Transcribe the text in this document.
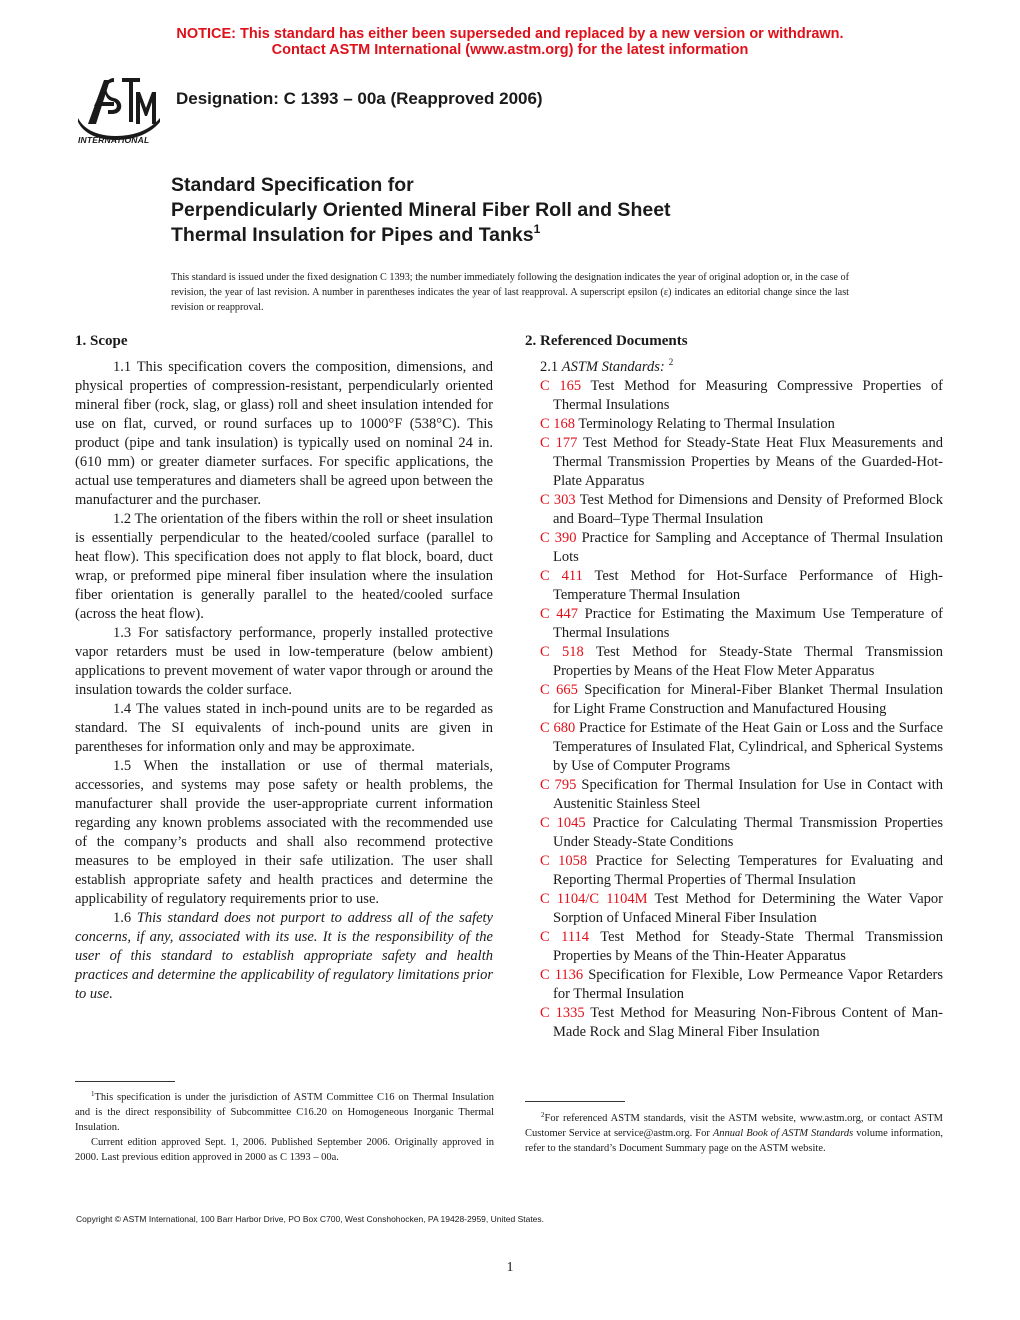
NOTICE: This standard has either been superseded and replaced by a new version or withdrawn.
Contact ASTM International (www.astm.org) for the latest information
INTERNATIONAL
Designation: C 1393 – 00a (Reapproved 2006)
Standard Specification for
Perpendicularly Oriented Mineral Fiber Roll and Sheet
Thermal Insulation for Pipes and Tanks$^1$
This standard is issued under the fixed designation C 1393; the number immediately following the designation indicates the year of original adoption or, in the case of revision, the year of last revision. A number in parentheses indicates the year of last reapproval. A superscript epsilon (ε) indicates an editorial change since the last revision or reapproval.
1. Scope

1.1 This specification covers the composition, dimensions, and physical properties of compression-resistant, perpendicularly oriented mineral fiber (rock, slag, or glass) roll and sheet insulation intended for use on flat, curved, or round surfaces up to 1000°F (538°C). This product (pipe and tank insulation) is typically used on nominal 24 in. (610 mm) or greater diameter surfaces. For specific applications, the actual use temperatures and diameters shall be agreed upon between the manufacturer and the purchaser.

1.2 The orientation of the fibers within the roll or sheet insulation is essentially perpendicular to the heated/cooled surface (parallel to heat flow). This specification does not apply to flat block, board, duct wrap, or preformed pipe mineral fiber insulation where the insulation fiber orientation is generally parallel to the heated/cooled surface (across the heat flow).

1.3 For satisfactory performance, properly installed protective vapor retarders must be used in low-temperature (below ambient) applications to prevent movement of water vapor through or around the insulation towards the colder surface.

1.4 The values stated in inch-pound units are to be regarded as standard. The SI equivalents of inch-pound units are given in parentheses for information only and may be approximate.

1.5 When the installation or use of thermal materials, accessories, and systems may pose safety or health problems, the manufacturer shall provide the user-appropriate current information regarding any known problems associated with the recommended use of the company’s products and shall also recommend protective measures to be employed in their safe utilization. The user shall establish appropriate safety and health practices and determine the applicability of regulatory requirements prior to use.

1.6 This standard does not purport to address all of the safety concerns, if any, associated with its use. It is the responsibility of the user of this standard to establish appropriate safety and health practices and determine the applicability of regulatory limitations prior to use.

2. Referenced Documents

2.1 ASTM Standards: $^2$

C 165 Test Method for Measuring Compressive Properties of Thermal Insulations

C 168 Terminology Relating to Thermal Insulation

C 177 Test Method for Steady-State Heat Flux Measurements and Thermal Transmission Properties by Means of the Guarded-Hot-Plate Apparatus

C 303 Test Method for Dimensions and Density of Preformed Block and Board–Type Thermal Insulation

C 390 Practice for Sampling and Acceptance of Thermal Insulation Lots

C 411 Test Method for Hot-Surface Performance of High-Temperature Thermal Insulation

C 447 Practice for Estimating the Maximum Use Temperature of Thermal Insulations

C 518 Test Method for Steady-State Thermal Transmission Properties by Means of the Heat Flow Meter Apparatus

C 665 Specification for Mineral-Fiber Blanket Thermal Insulation for Light Frame Construction and Manufactured Housing

C 680 Practice for Estimate of the Heat Gain or Loss and the Surface Temperatures of Insulated Flat, Cylindrical, and Spherical Systems by Use of Computer Programs

C 795 Specification for Thermal Insulation for Use in Contact with Austenitic Stainless Steel

C 1045 Practice for Calculating Thermal Transmission Properties Under Steady-State Conditions

C 1058 Practice for Selecting Temperatures for Evaluating and Reporting Thermal Properties of Thermal Insulation

C 1104/C 1104M Test Method for Determining the Water Vapor Sorption of Unfaced Mineral Fiber Insulation

C 1114 Test Method for Steady-State Thermal Transmission Properties by Means of the Thin-Heater Apparatus

C 1136 Specification for Flexible, Low Permeance Vapor Retarders for Thermal Insulation

C 1335 Test Method for Measuring Non-Fibrous Content of Man-Made Rock and Slag Mineral Fiber Insulation

$^1$This specification is under the jurisdiction of ASTM Committee C16 on Thermal Insulation and is the direct responsibility of Subcommittee C16.20 on Homogeneous Inorganic Thermal Insulation.

Current edition approved Sept. 1, 2006. Published September 2006. Originally approved in 2000. Last previous edition approved in 2000 as C 1393 – 00a.

$^2$For referenced ASTM standards, visit the ASTM website, www.astm.org, or contact ASTM Customer Service at service@astm.org. For Annual Book of ASTM Standards volume information, refer to the standard’s Document Summary page on the ASTM website.

Copyright © ASTM International, 100 Barr Harbor Drive, PO Box C700, West Conshohocken, PA 19428-2959, United States.
1
